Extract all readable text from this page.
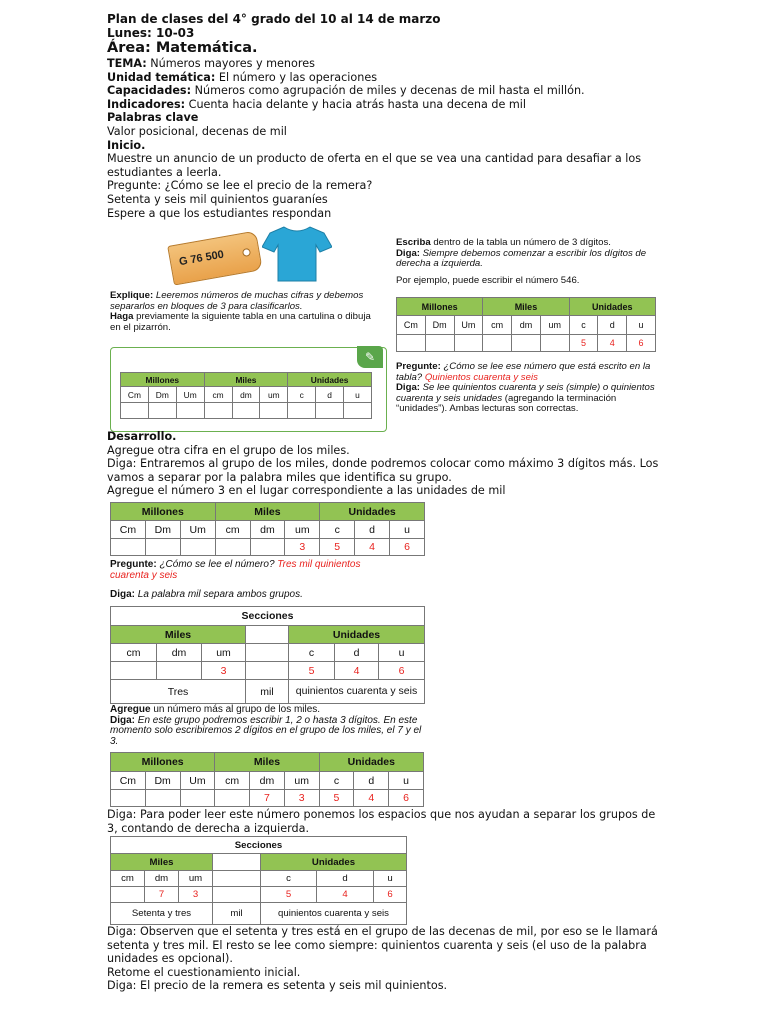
Plan de clases del 4° grado del 10 al 14 de marzo

Lunes: 10-03

Área: Matemática.

TEMA: Números mayores y menores

Unidad temática: El número y las operaciones

Capacidades: Números como agrupación de miles y decenas de mil hasta el millón.

Indicadores: Cuenta hacia delante y hacia atrás hasta una decena de mil

Palabras clave

Valor posicional, decenas de mil

Inicio.

Muestre un anuncio de un producto de oferta en el que se vea una cantidad para desafiar a los estudiantes a leerla.

Pregunte: ¿Cómo se lee el precio de la remera?

Setenta y seis mil quinientos guaraníes

Espere a que los estudiantes respondan

G 76 500
Explique: Leeremos números de muchas cifras y debemos separarlos en bloques de 3 para clasificarlos.
Haga previamente la siguiente tabla en una cartulina o dibuja en el pizarrón.
✎
Millones			Miles			Unidades		
Cm	Dm	Um	cm	dm	um	c	d	u

Escriba dentro de la tabla un número de 3 dígitos.
Diga: Siempre debemos comenzar a escribir los dígitos de derecha a izquierda.
Por ejemplo, puede escribir el número 546.
Millones			Miles			Unidades		
Cm	Dm	Um	cm	dm	um	c	d	u
						5	4	6
Pregunte: ¿Cómo se lee ese número que está escrito en la tabla? Quinientos cuarenta y seis
Diga: Se lee quinientos cuarenta y seis (simple) o quinientos cuarenta y seis unidades (agregando la terminación “unidades”). Ambas lecturas son correctas.

Desarrollo.

Agregue otra cifra en el grupo de los miles.

Diga: Entraremos al grupo de los miles, donde podremos colocar como máximo 3 dígitos más. Los vamos a separar por la palabra miles que identifica su grupo.

Agregue el número 3 en el lugar correspondiente a las unidades de mil

Millones			Miles			Unidades		
Cm	Dm	Um	cm	dm	um	c	d	u
					3	5	4	6
Pregunte: ¿Cómo se lee el número? Tres mil quinientos cuarenta y seis
Diga: La palabra mil separa ambos grupos.
Secciones						
Miles				Unidades		
cm	dm	um		c	d	u
		3		5	4	6
Tres			mil	quinientos cuarenta y seis		
Agregue un número más al grupo de los miles.
Diga: En este grupo podremos escribir 1, 2 o hasta 3 dígitos. En este momento solo escribiremos 2 dígitos en el grupo de los miles, el 7 y el 3.
Millones			Miles			Unidades		
Cm	Dm	Um	cm	dm	um	c	d	u
				7	3	5	4	6

Diga: Para poder leer este número ponemos los espacios que nos ayudan a separar los grupos de 3, contando de derecha a izquierda.

Secciones						
Miles				Unidades		
cm	dm	um		c	d	u
	7	3		5	4	6
Setenta y tres			mil	quinientos cuarenta y seis		

Diga: Observen que el setenta y tres está en el grupo de las decenas de mil, por eso se le llamará setenta y tres mil. El resto se lee como siempre: quinientos cuarenta y seis (el uso de la palabra unidades es opcional).

Retome el cuestionamiento inicial.

Diga: El precio de la remera es setenta y seis mil quinientos.
